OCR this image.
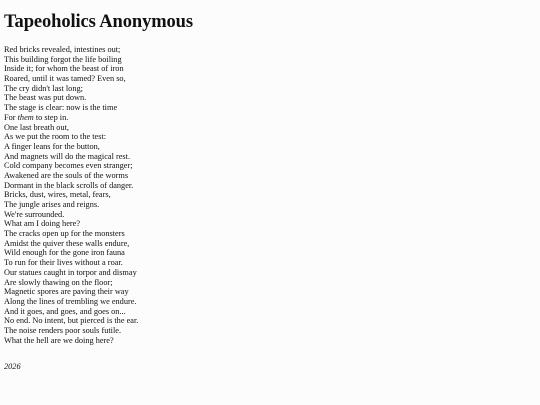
Tapeoholics Anonymous
Red bricks revealed, intestines out;
This building forgot the life boiling
Inside it; for whom the beast of iron
Roared, until it was tamed? Even so,
The cry didn't last long;
The beast was put down.
The stage is clear: now is the time
For them to step in.
One last breath out,
As we put the room to the test:
A finger leans for the button,
And magnets will do the magical rest.
Cold company becomes even stranger;
Awakened are the souls of the worms
Dormant in the black scrolls of danger.
Bricks, dust, wires, metal, fears,
The jungle arises and reigns.
We're surrounded.
What am I doing here?
The cracks open up for the monsters
Amidst the quiver these walls endure,
Wild enough for the gone iron fauna
To run for their lives without a roar.
Our statues caught in torpor and dismay
Are slowly thawing on the floor;
Magnetic spores are paving their way
Along the lines of trembling we endure.
And it goes, and goes, and goes on...
No end. No intent, but pierced is the ear.
The noise renders poor souls futile.
What the hell are we doing here?
2026
